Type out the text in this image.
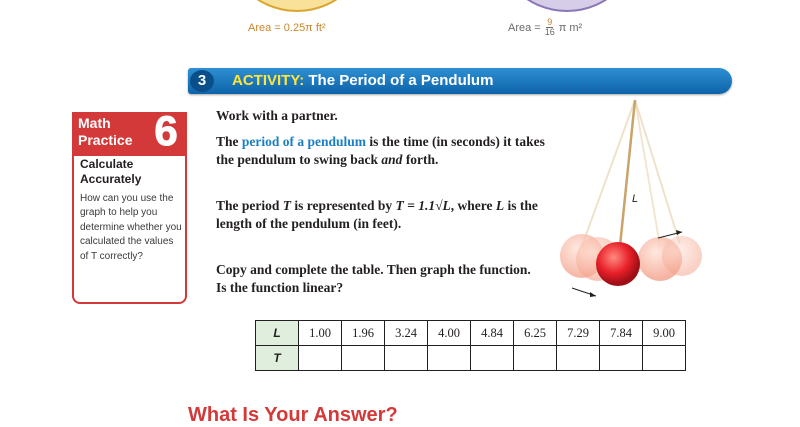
Area = 0.25π ft²	Area = $\frac{9}{16}$ π m²
3	ACTIVITY: The Period of a Pendulum
Math
Practice 6
Calculate
Accurately
How can you use the graph to help you determine whether you calculated the values of T correctly?
Work with a partner.
The period of a pendulum is the time (in seconds) it takes the pendulum to swing back and forth.
The period T is represented by T = 1.1√L, where L is the length of the pendulum (in feet).
Copy and complete the table. Then graph the function. Is the function linear?
L
L	1.00	1.96	3.24	4.00	4.84	6.25	7.29	7.84	9.00
T									
What Is Your Answer?
